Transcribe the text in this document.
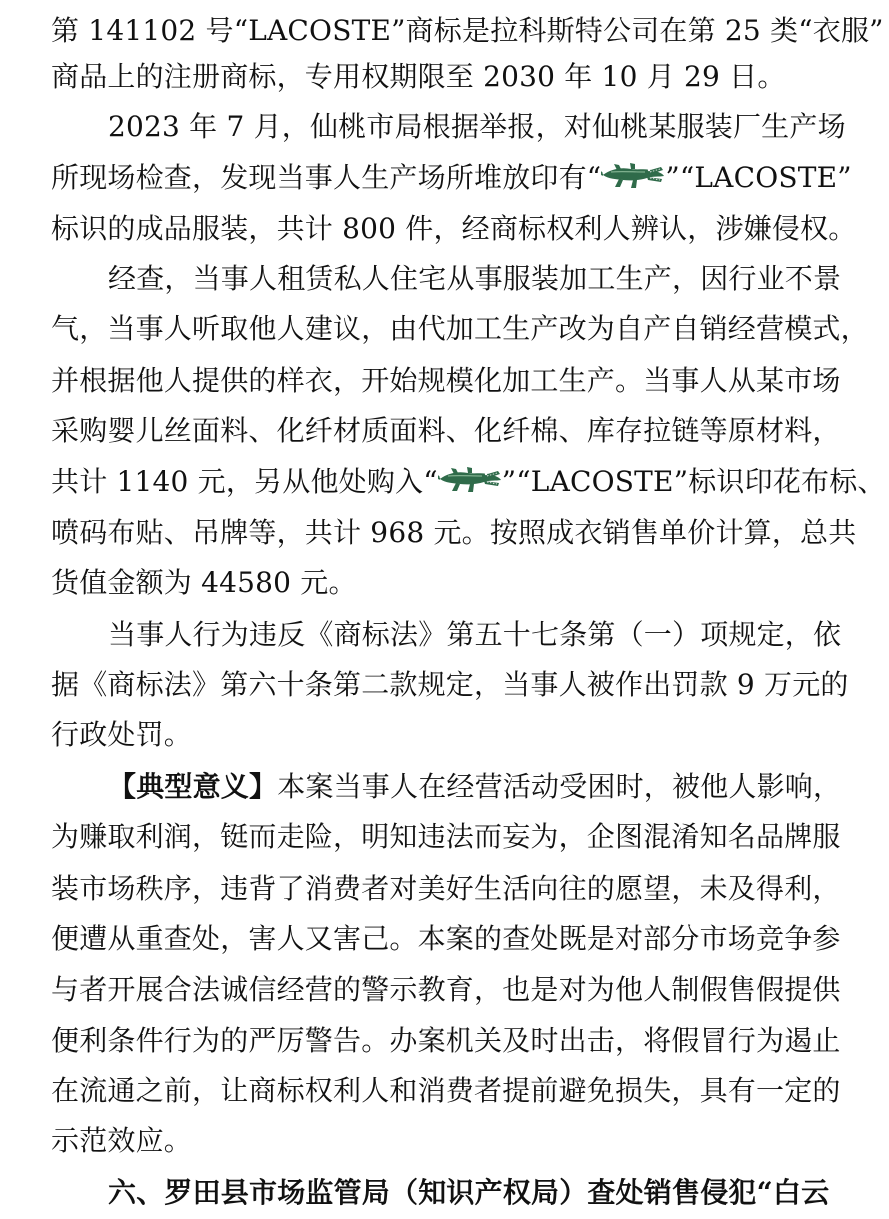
第 141102 号“LACOSTE”商标是拉科斯特公司在第 25 类“衣服”
商品上的注册商标，专用权期限至 2030 年 10 月 29 日。
2023 年 7 月，仙桃市局根据举报，对仙桃某服装厂生产场
所现场检查，发现当事人生产场所堆放印有“ ”“LACOSTE”
标识的成品服装，共计 800 件，经商标权利人辨认，涉嫌侵权。
经查，当事人租赁私人住宅从事服装加工生产，因行业不景
气，当事人听取他人建议，由代加工生产改为自产自销经营模式，
并根据他人提供的样衣，开始规模化加工生产。当事人从某市场
采购婴儿丝面料、化纤材质面料、化纤棉、库存拉链等原材料，
共计 1140 元，另从他处购入“ ”“LACOSTE”标识印花布标、
喷码布贴、吊牌等，共计 968 元。按照成衣销售单价计算，总共
货值金额为 44580 元。
当事人行为违反《商标法》第五十七条第（一）项规定，依
据《商标法》第六十条第二款规定，当事人被作出罚款 9 万元的
行政处罚。
【典型意义】本案当事人在经营活动受困时，被他人影响，
为赚取利润，铤而走险，明知违法而妄为，企图混淆知名品牌服
装市场秩序，违背了消费者对美好生活向往的愿望，未及得利，
便遭从重查处，害人又害己。本案的查处既是对部分市场竞争参
与者开展合法诚信经营的警示教育，也是对为他人制假售假提供
便利条件行为的严厉警告。办案机关及时出击，将假冒行为遏止
在流通之前，让商标权利人和消费者提前避免损失，具有一定的
示范效应。
六、罗田县市场监管局（知识产权局）查处销售侵犯“白云
